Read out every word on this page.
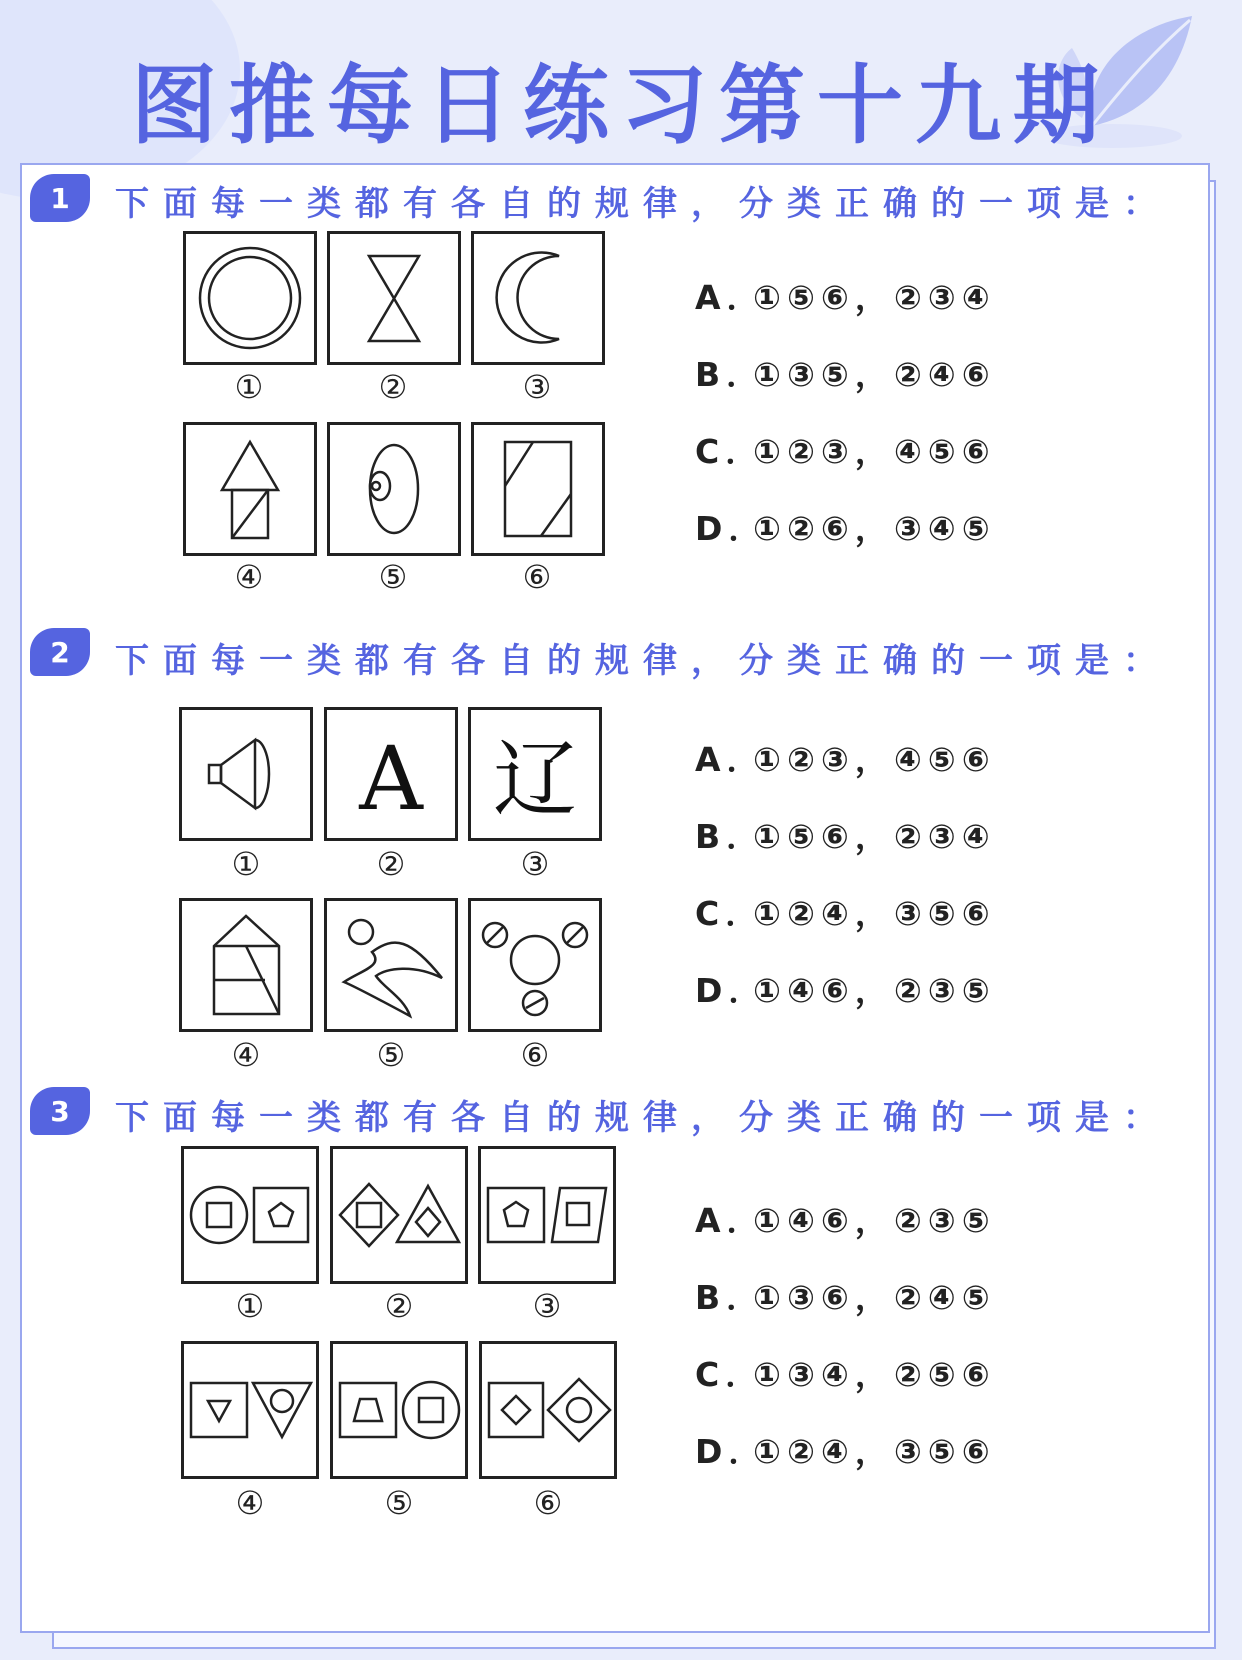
图推每日练习第十九期
1	下面每一类都有各自的规律，分类正确的一项是：
①	②	③
④	⑤	⑥
A．①⑤⑥，②③④
B．①③⑤，②④⑥
C．①②③，④⑤⑥
D．①②⑥，③④⑤
2	下面每一类都有各自的规律，分类正确的一项是：
A 辽
①	②	③
④	⑤	⑥
A．①②③，④⑤⑥
B．①⑤⑥，②③④
C．①②④，③⑤⑥
D．①④⑥，②③⑤
3	下面每一类都有各自的规律，分类正确的一项是：
①	②	③
④	⑤	⑥
A．①④⑥，②③⑤
B．①③⑥，②④⑤
C．①③④，②⑤⑥
D．①②④，③⑤⑥
